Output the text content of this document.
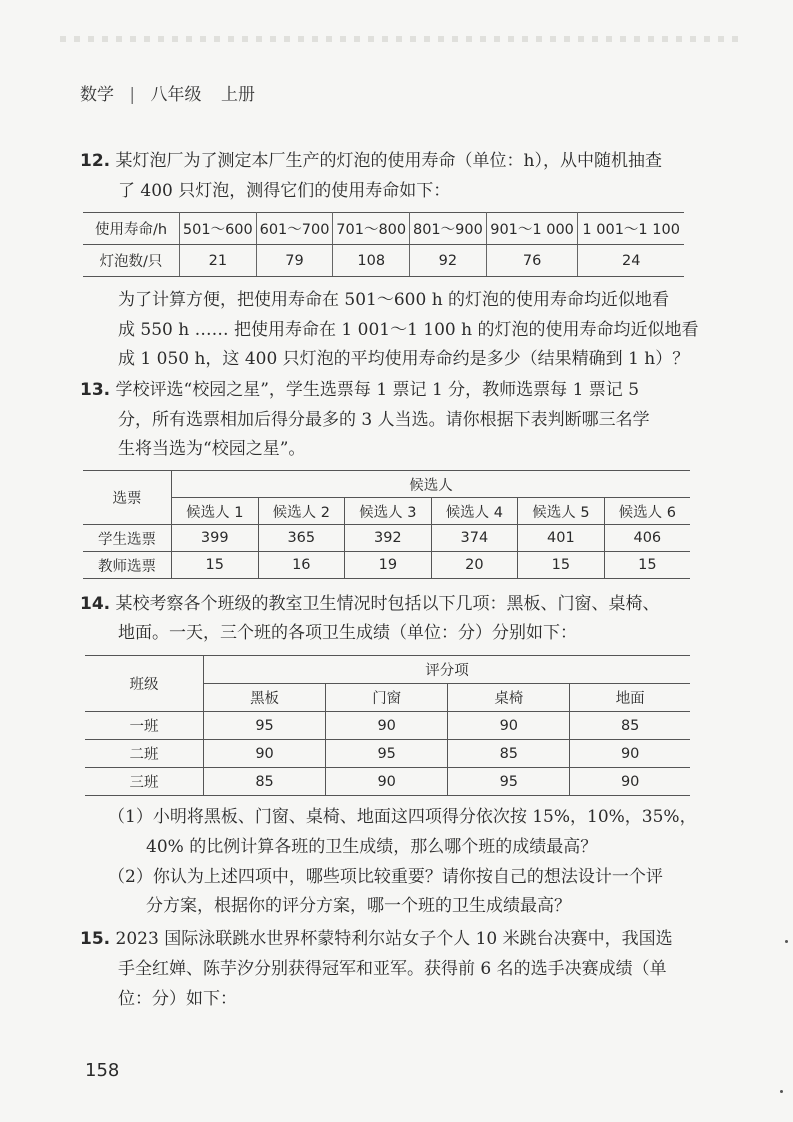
数学 | 八年级 上册
12. 某灯泡厂为了测定本厂生产的灯泡的使用寿命（单位：h），从中随机抽查
了 400 只灯泡，测得它们的使用寿命如下：
使用寿命/h	501～600	601～700	701～800	801～900	901～1 000	1 001～1 100
灯泡数/只	21	79	108	92	76	24
为了计算方便，把使用寿命在 501～600 h 的灯泡的使用寿命均近似地看
成 550 h …… 把使用寿命在 1 001～1 100 h 的灯泡的使用寿命均近似地看
成 1 050 h，这 400 只灯泡的平均使用寿命约是多少（结果精确到 1 h）？
13. 学校评选“校园之星”，学生选票每 1 票记 1 分，教师选票每 1 票记 5
分，所有选票相加后得分最多的 3 人当选。请你根据下表判断哪三名学
生将当选为“校园之星”。
选票	候选人					
	候选人 1	候选人 2	候选人 3	候选人 4	候选人 5	候选人 6
学生选票	399	365	392	374	401	406
教师选票	15	16	19	20	15	15
14. 某校考察各个班级的教室卫生情况时包括以下几项：黑板、门窗、桌椅、
地面。一天，三个班的各项卫生成绩（单位：分）分别如下：
班级	评分项			
	黑板	门窗	桌椅	地面
一班	95	90	90	85
二班	90	95	85	90
三班	85	90	95	90
（1）小明将黑板、门窗、桌椅、地面这四项得分依次按 15%，10%，35%，
40% 的比例计算各班的卫生成绩，那么哪个班的成绩最高？
（2）你认为上述四项中，哪些项比较重要？请你按自己的想法设计一个评
分方案，根据你的评分方案，哪一个班的卫生成绩最高？
15. 2023 国际泳联跳水世界杯蒙特利尔站女子个人 10 米跳台决赛中，我国选
手全红婵、陈芋汐分别获得冠军和亚军。获得前 6 名的选手决赛成绩（单
位：分）如下：
158
